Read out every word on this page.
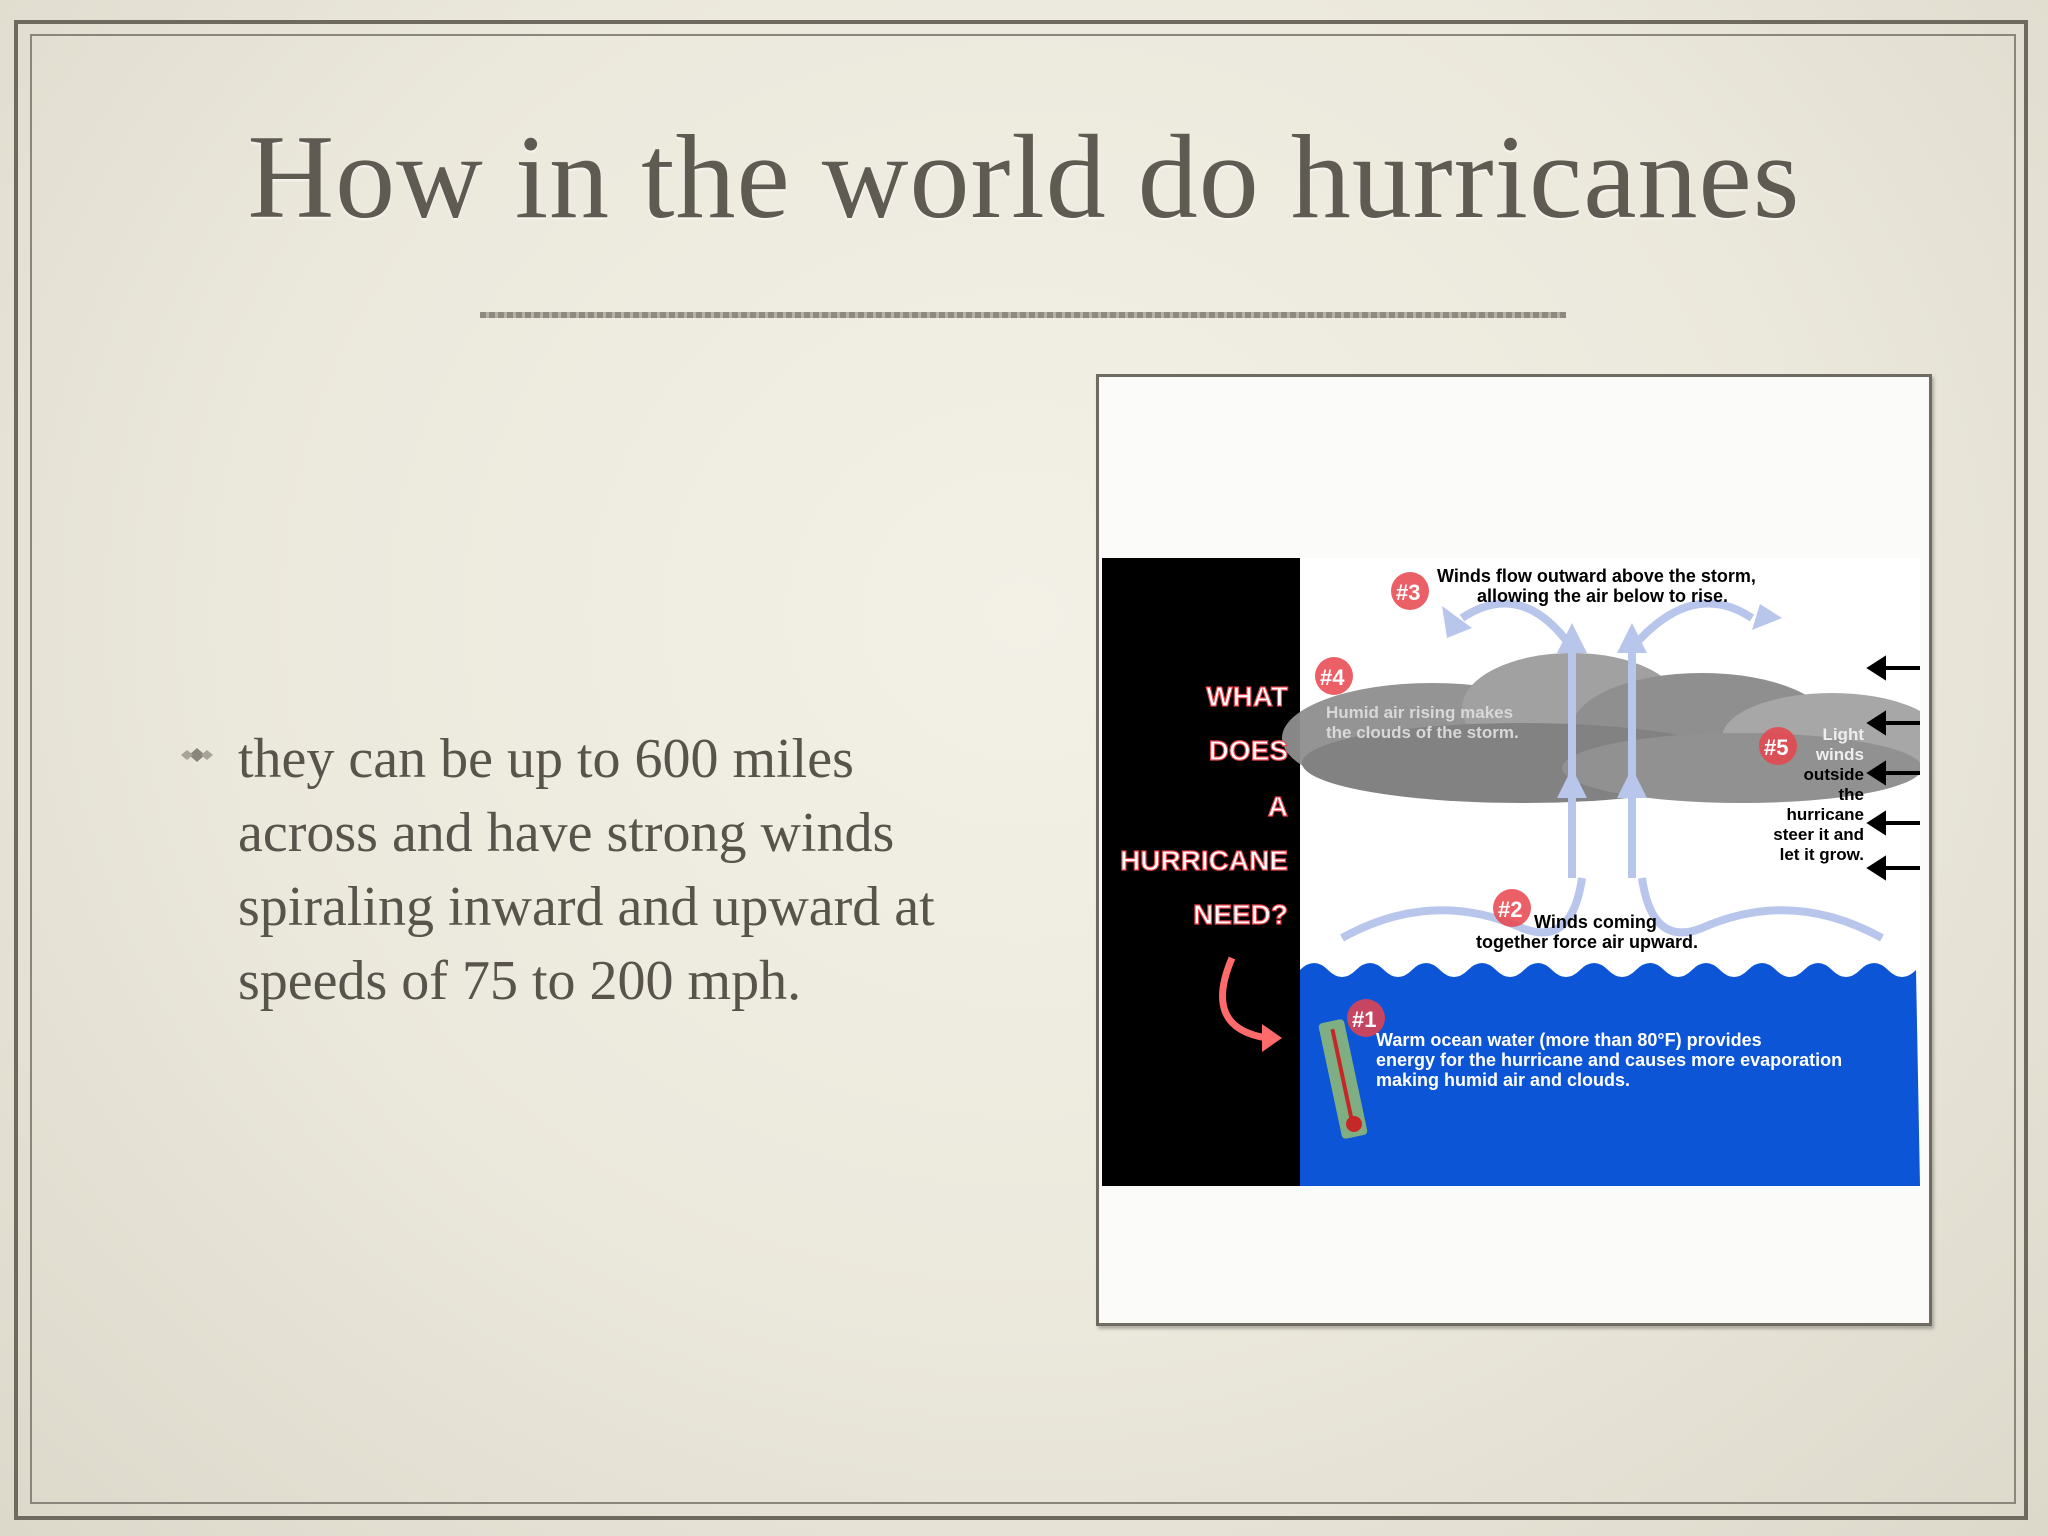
How in the world do hurricanes
they can be up to 600 miles across and have strong winds spiraling inward and upward at speeds of 75 to 200 mph.
WHAT
DOES
A
HURRICANE
NEED?
#3
#4
#5
#2
#1
Winds flow outward above the storm,
allowing the air below to rise.
Humid air rising makes
the clouds of the storm.	Light
winds
outside
the
hurricane
steer it and
let it grow.
Winds coming
together force air upward.
Warm ocean water (more than 80°F) provides
energy for the hurricane and causes more evaporation
making humid air and clouds.
